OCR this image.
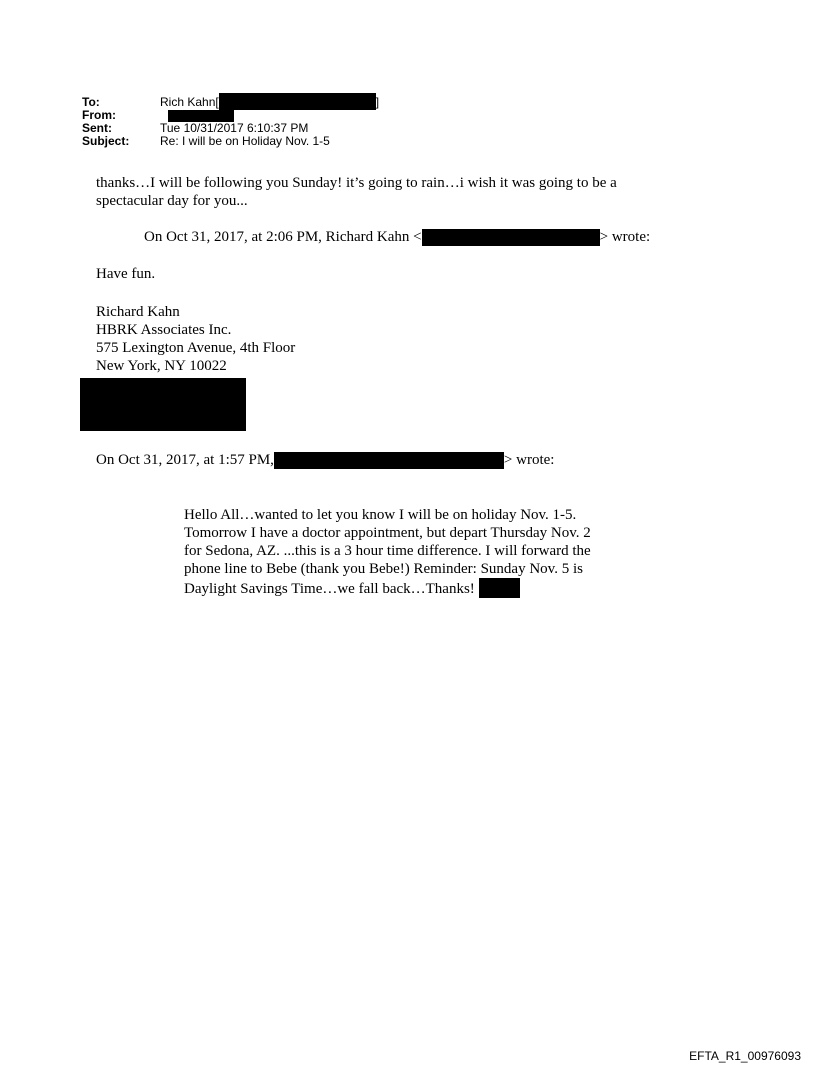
To:	Rich Kahn[	]
From:
Sent:	Tue 10/31/2017 6:10:37 PM
Subject:	Re: I will be on Holiday Nov. 1-5
thanks…I will be following you Sunday! it’s going to rain…i wish it was going to be a
spectacular day for you...
On Oct 31, 2017, at 2:06 PM, Richard Kahn <	> wrote:
Have fun.
Richard Kahn
HBRK Associates Inc.
575 Lexington Avenue, 4th Floor
New York, NY 10022
On Oct 31, 2017, at 1:57 PM,	> wrote:
Hello All…wanted to let you know I will be on holiday Nov. 1-5.
Tomorrow I have a doctor appointment, but depart Thursday Nov. 2
for Sedona, AZ. ...this is a 3 hour time difference. I will forward the
phone line to Bebe (thank you Bebe!) Reminder: Sunday Nov. 5 is
Daylight Savings Time…we fall back…Thanks!
EFTA_R1_00976093
